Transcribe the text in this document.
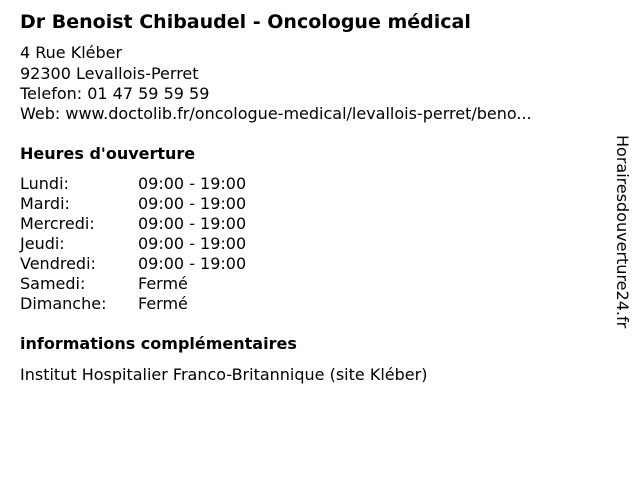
Dr Benoist Chibaudel - Oncologue médical
4 Rue Kléber
92300 Levallois-Perret
Telefon: 01 47 59 59 59
Web: www.doctolib.fr/oncologue-medical/levallois-perret/beno...
Heures d'ouverture
Lundi:	09:00 - 19:00
Mardi:	09:00 - 19:00
Mercredi:	09:00 - 19:00
Jeudi:	09:00 - 19:00
Vendredi:	09:00 - 19:00
Samedi:	Fermé
Dimanche: Fermé
informations complémentaires
Institut Hospitalier Franco-Britannique (site Kléber)
Horairesdouverture24.fr
